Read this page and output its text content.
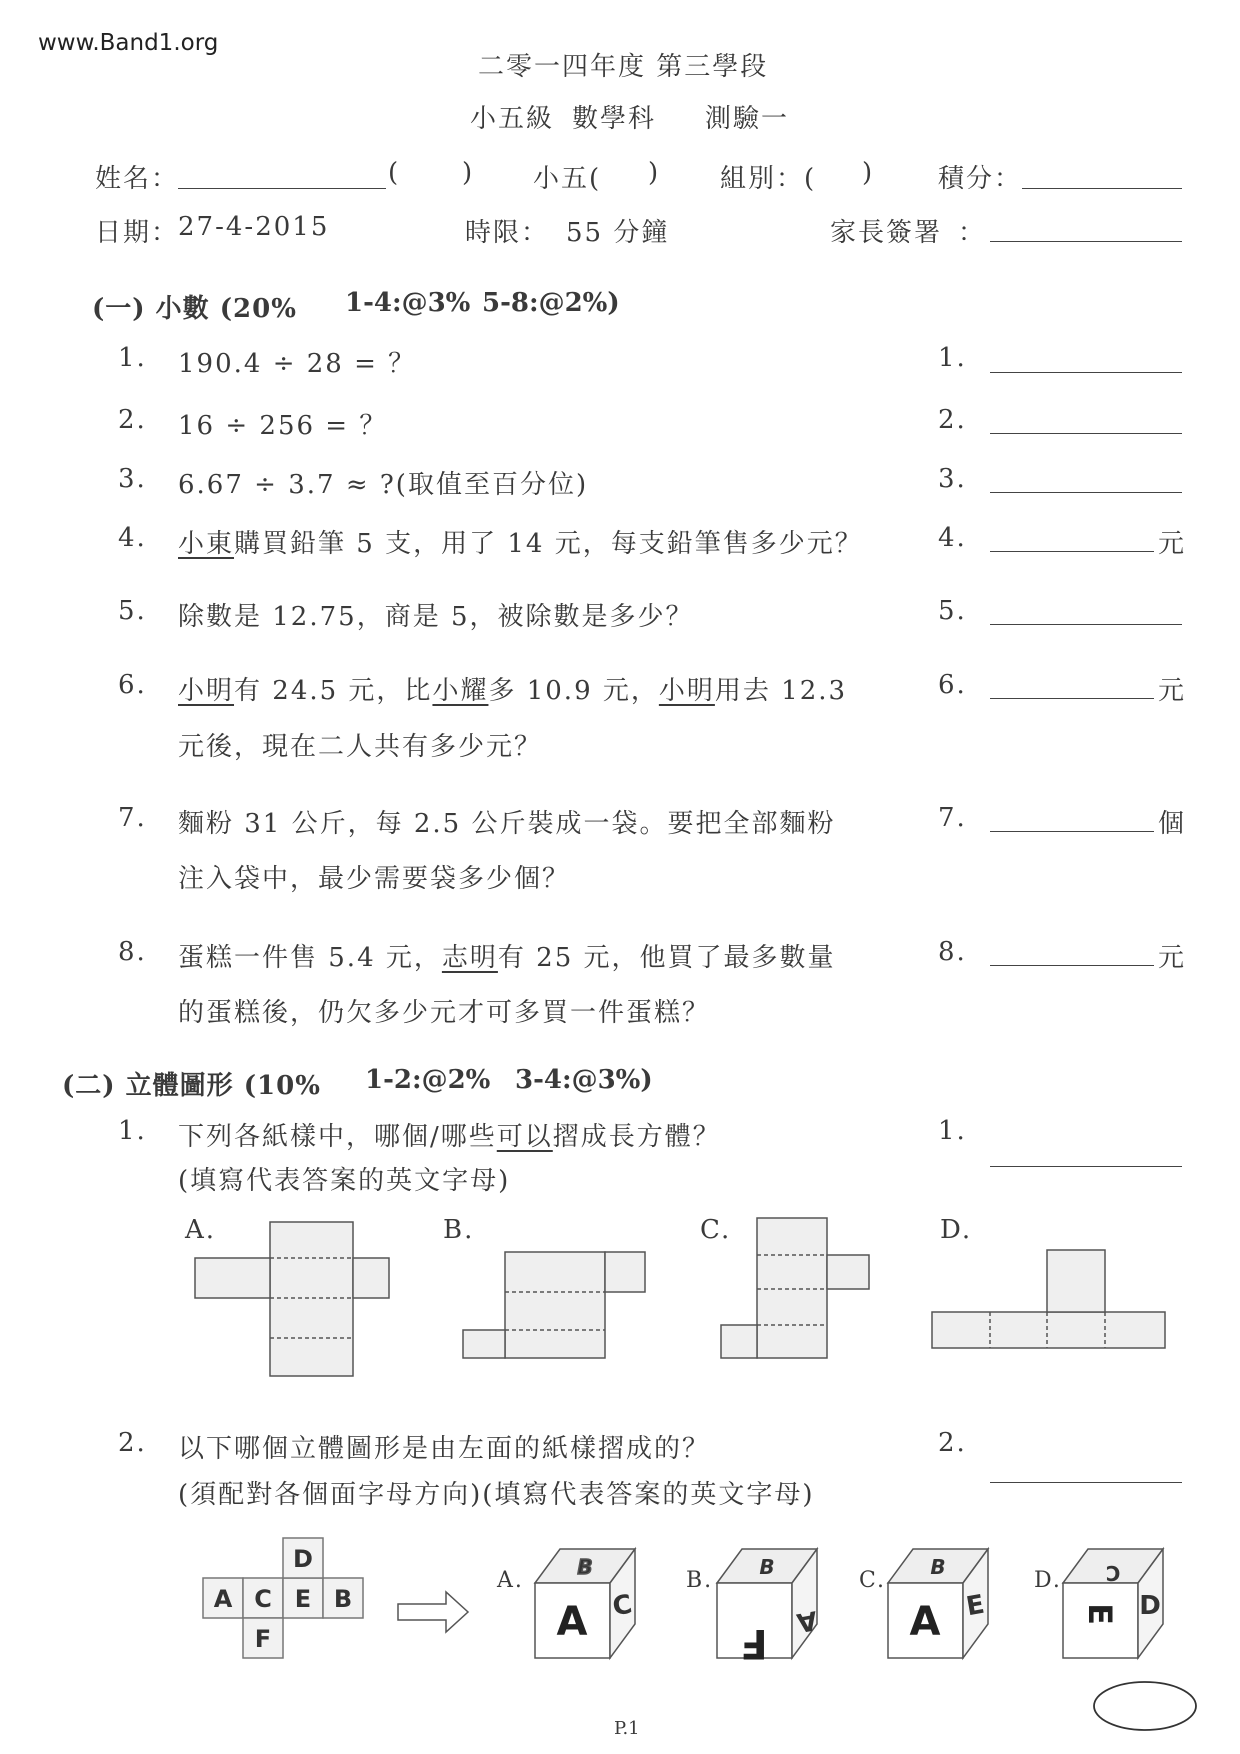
www.Band1.org
二零一四年度 第三學段
小五級 數學科 測驗一
姓名：	( ) 小五( ) 組別：( ) 積分：
日期：
27-4-2015	時限： 55 分鐘	家長簽署 ：
(一) 小數 (20% 1-4:@3% 5-8:@2%)
1. 190.4 ÷ 28 = ？	1.
2. 16 ÷ 256 = ？	2.
3. 6.67 ÷ 3.7 ≈ ?(取值至百分位)	3.
4. 小東購買鉛筆 5 支，用了 14 元，每支鉛筆售多少元？	4.	元
5. 除數是 12.75，商是 5，被除數是多少？	5.
6. 小明有 24.5 元，比小耀多 10.9 元，小明用去 12.3
元後，現在二人共有多少元？
6.	元
7. 麵粉 31 公斤，每 2.5 公斤裝成一袋。要把全部麵粉
注入袋中，最少需要袋多少個？
7.	個
8. 蛋糕一件售 5.4 元，志明有 25 元，他買了最多數量
的蛋糕後，仍欠多少元才可多買一件蛋糕？
8.	元
(二) 立體圖形 (10% 1-2:@2% 3-4:@3%)
1. 下列各紙樣中，哪個/哪些可以摺成長方體？
(填寫代表答案的英文字母)
1.
A.	B.	C.	D.
2. 以下哪個立體圖形是由左面的紙樣摺成的？
(須配對各個面字母方向)(填寫代表答案的英文字母)
2.
D
A C E B
F
A.	B.	C.	D.
B
A C
B
F A
B
A E
C
E D
P.1
